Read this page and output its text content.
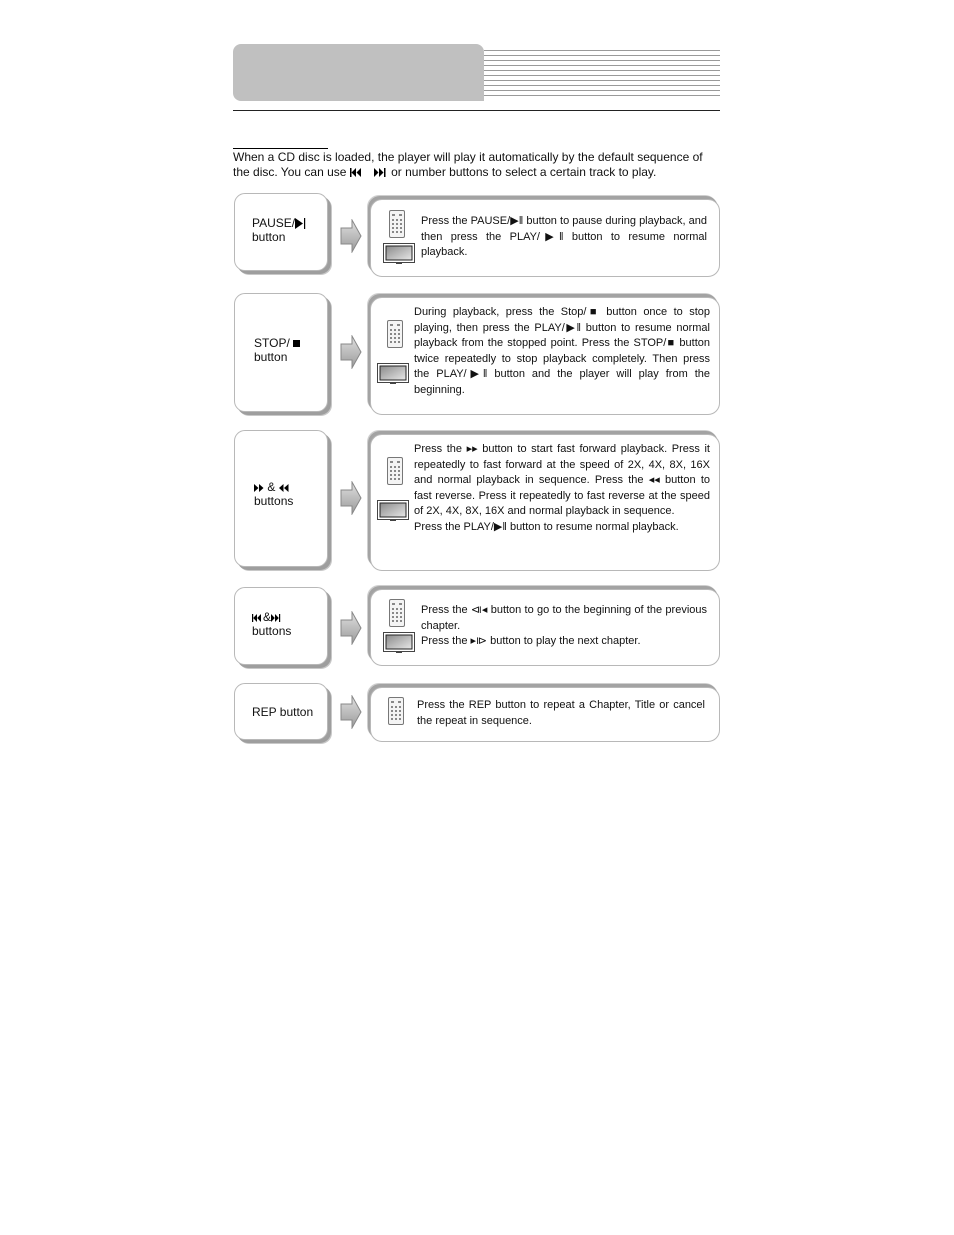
When a CD disc is loaded, the player will play it automatically by the default sequence of
the disc. You can use	or number buttons to select a certain track to play.
PAUSE/
button

Press the PAUSE/▶‖ button to pause during playback, and then press the PLAY/▶‖ button to resume normal playback.

STOP/
button

During playback, press the Stop/■ button once to stop playing, then press the PLAY/▶‖ button to resume normal playback from the stopped point. Press the STOP/■ button twice repeatedly to stop playback completely. Then press the PLAY/▶‖ button and the player will play from the beginning.

&
buttons

Press the ▸▸ button to start fast forward playback. Press it repeatedly to fast forward at the speed of 2X, 4X, 8X, 16X and normal playback in sequence. Press the ◂◂ button to fast reverse. Press it repeatedly to fast reverse at the speed of 2X, 4X, 8X, 16X and normal playback in sequence.

Press the PLAY/▶‖ button to resume normal playback.

&
buttons

Press the ⧏◂ button to go to the beginning of the previous chapter.

Press the ▸⧐ button to play the next chapter.

REP button	Press the REP button to repeat a Chapter, Title or cancel the repeat in sequence.
